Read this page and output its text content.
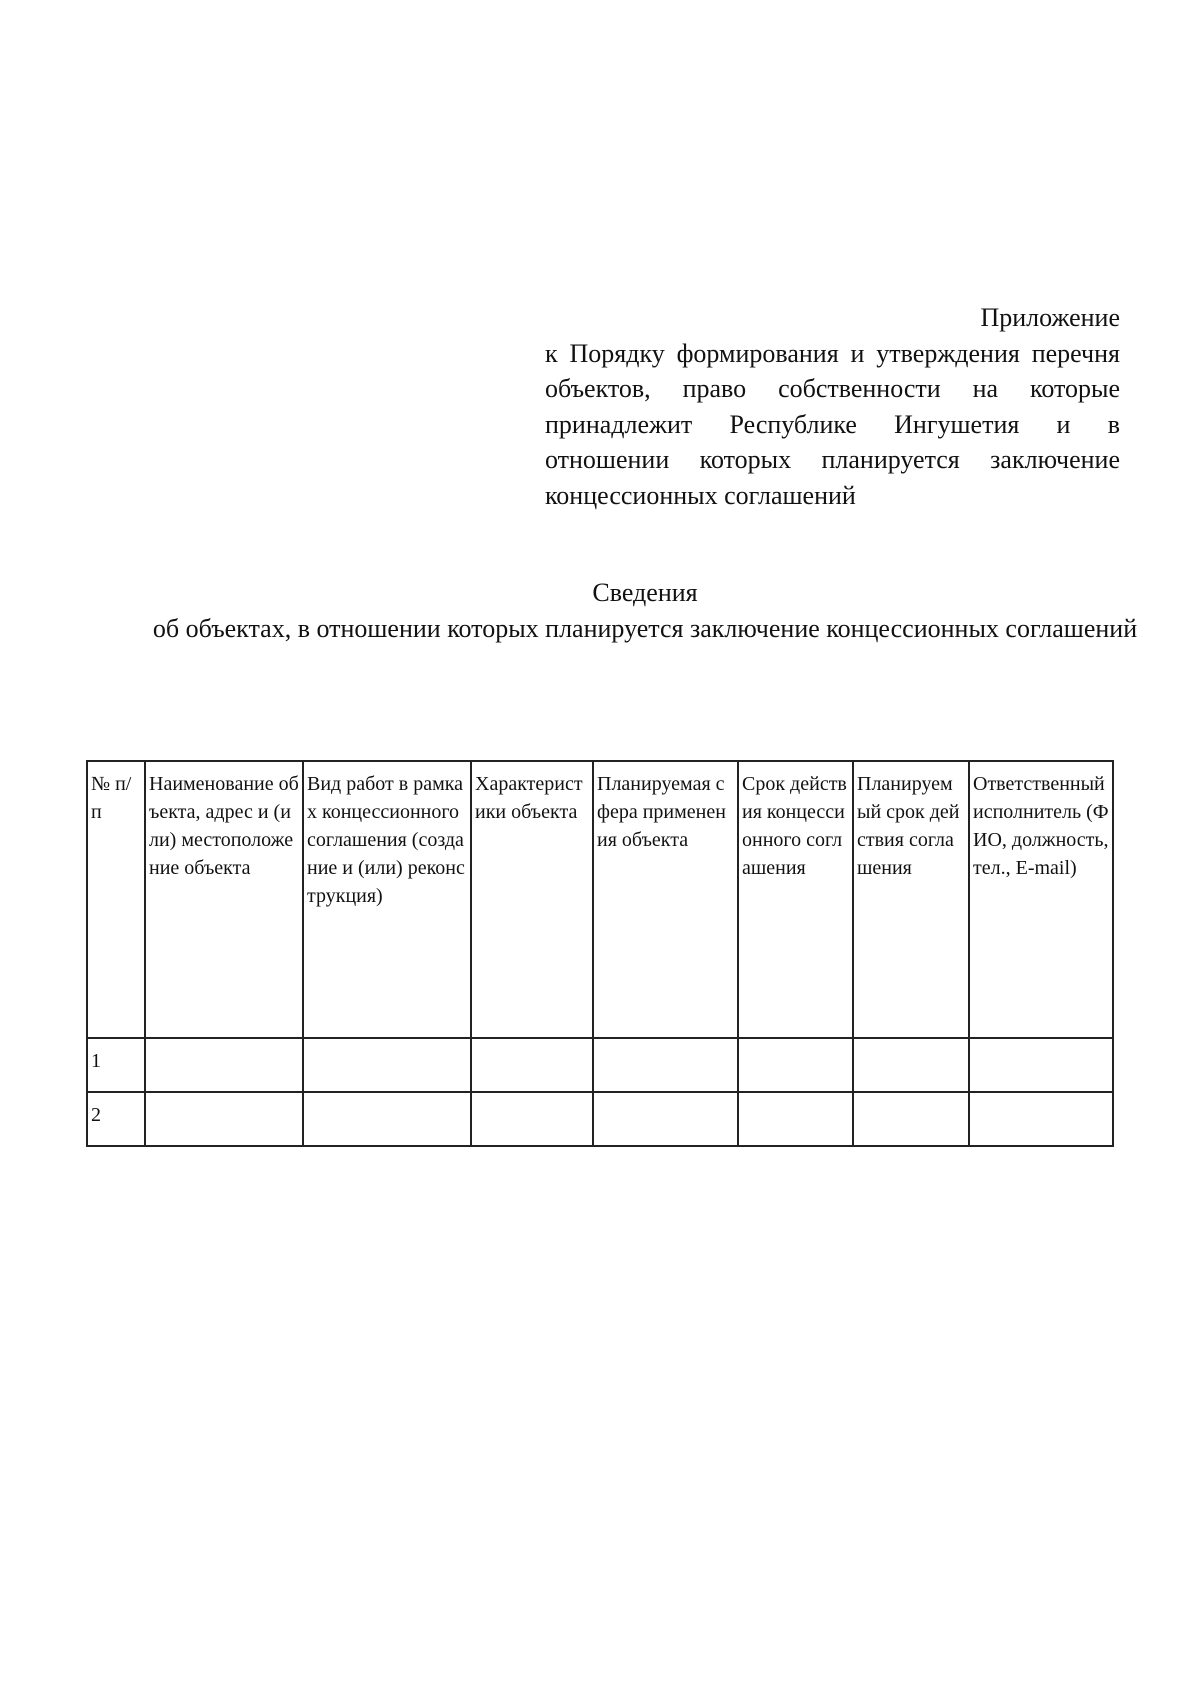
Приложение
к Порядку формирования и утверждения перечня объектов, право собственности на которые принадлежит Республике Ингушетия и в отношении которых планируется заключение концессионных соглашений
Сведения
об объектах, в отношении которых планируется заключение концессионных соглашений
№ п/п	Наименование объекта, адрес и (или) местоположение объекта	Вид работ в рамках концессионного соглашения (создание и (или) реконструкция)	Характеристики объекта	Планируемая сфера применения объекта	Срок действия концессионного соглашения	Планируемый срок действия соглашения	Ответственный исполнитель (ФИО, должность, тел., E-mail)
1							
2							
